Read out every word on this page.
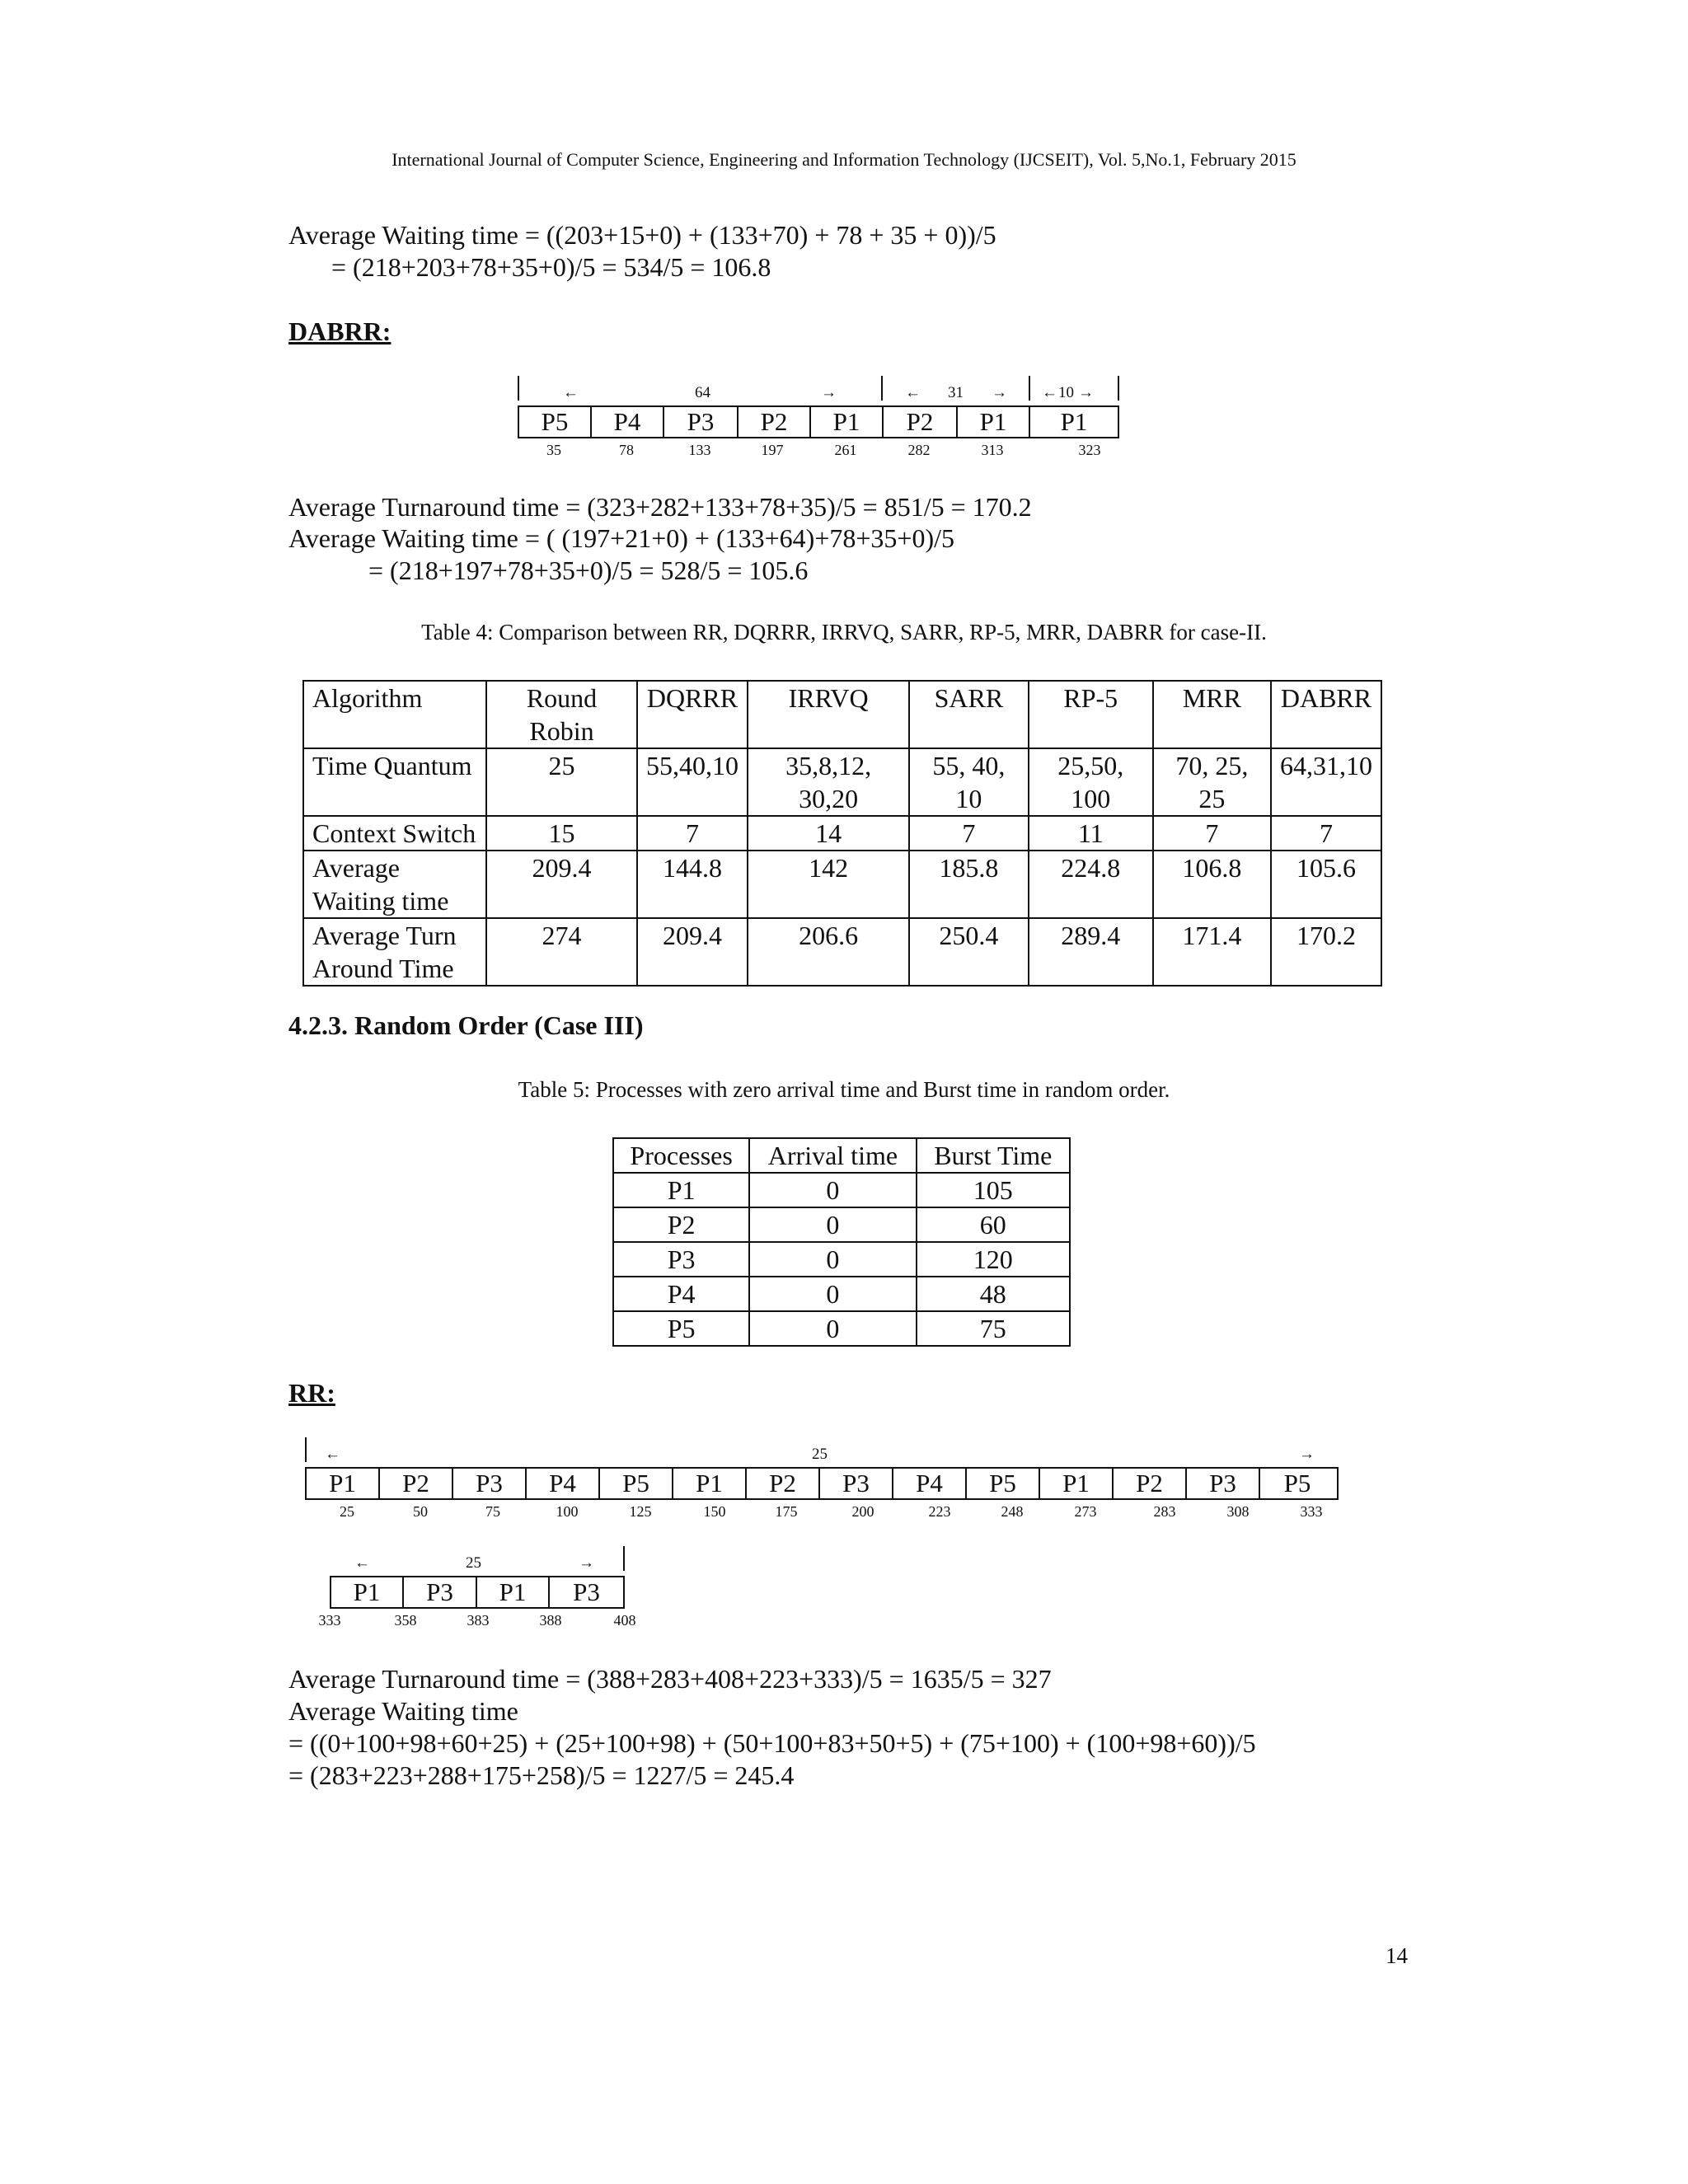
International Journal of Computer Science, Engineering and Information Technology (IJCSEIT), Vol. 5,No.1, February 2015
Average Waiting time = ((203+15+0) + (133+70) + 78 + 35 + 0))/5
= (218+203+78+35+0)/5 = 534/5 = 106.8
DABRR:
←	64	→	← 31 → ← 10 →
P5	P4	P3	P2	P1	P2	P1	P1
35	78	133	197	261	282	313	323
Average Turnaround time = (323+282+133+78+35)/5 = 851/5 = 170.2
Average Waiting time = ( (197+21+0) + (133+64)+78+35+0)/5
= (218+197+78+35+0)/5 = 528/5 = 105.6
Table 4: Comparison between RR, DQRRR, IRRVQ, SARR, RP-5, MRR, DABRR for case-II.
Algorithm	Round Robin	DQRRR	IRRVQ	SARR	RP-5	MRR	DABRR
Time Quantum	25	55,40,10	35,8,12, 30,20	55, 40, 10	25,50, 100	70, 25, 25	64,31,10
Context Switch	15	7	14	7	11	7	7
Average Waiting time	209.4	144.8	142	185.8	224.8	106.8	105.6
Average Turn Around Time	274	209.4	206.6	250.4	289.4	171.4	170.2
4.2.3. Random Order (Case III)
Table 5: Processes with zero arrival time and Burst time in random order.
Processes	Arrival time	Burst Time
P1	0	105
P2	0	60
P3	0	120
P4	0	48
P5	0	75
RR:
←	25	→
P1	P2	P3	P4	P5	P1	P2	P3	P4	P5	P1	P2	P3	P5
25	50	75	100	125	150	175	200	223	248	273	283	308	333
←	25	→
P1	P3	P1	P3
333	358	383	388	408
Average Turnaround time = (388+283+408+223+333)/5 = 1635/5 = 327
Average Waiting time
= ((0+100+98+60+25) + (25+100+98) + (50+100+83+50+5) + (75+100) + (100+98+60))/5
= (283+223+288+175+258)/5 = 1227/5 = 245.4
14
